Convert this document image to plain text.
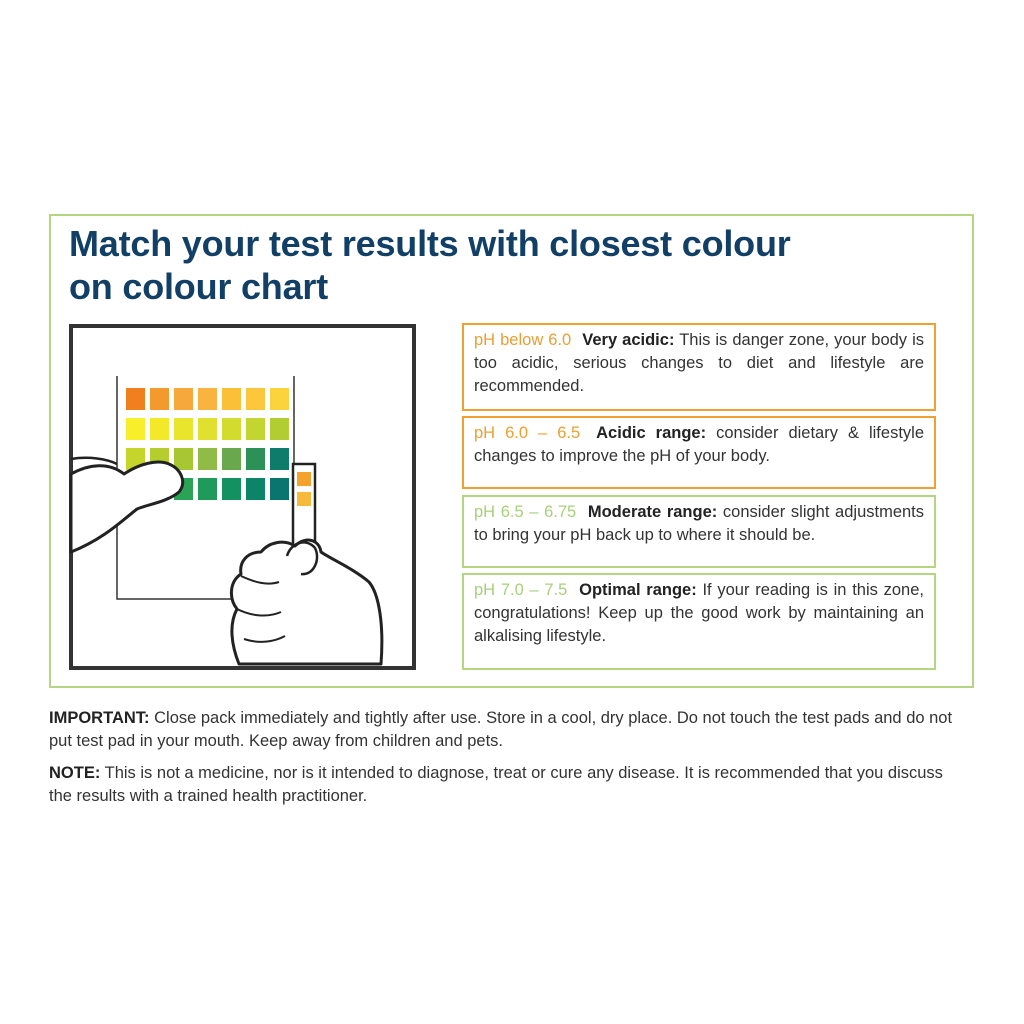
Match your test results with closest colour
on colour chart
pH below 6.0 Very acidic: This is danger zone, your body is too acidic, serious changes to diet and lifestyle are recommended.
pH 6.0 – 6.5 Acidic range: consider dietary & lifestyle changes to improve the pH of your body.
pH 6.5 – 6.75 Moderate range: consider slight adjustments to bring your pH back up to where it should be.
pH 7.0 – 7.5 Optimal range: If your reading is in this zone, congratulations! Keep up the good work by maintaining an alkalising lifestyle.

IMPORTANT: Close pack immediately and tightly after use. Store in a cool, dry place. Do not touch the test pads and do not put test pad in your mouth. Keep away from children and pets.

NOTE: This is not a medicine, nor is it intended to diagnose, treat or cure any disease. It is recommended that you discuss the results with a trained health practitioner.
